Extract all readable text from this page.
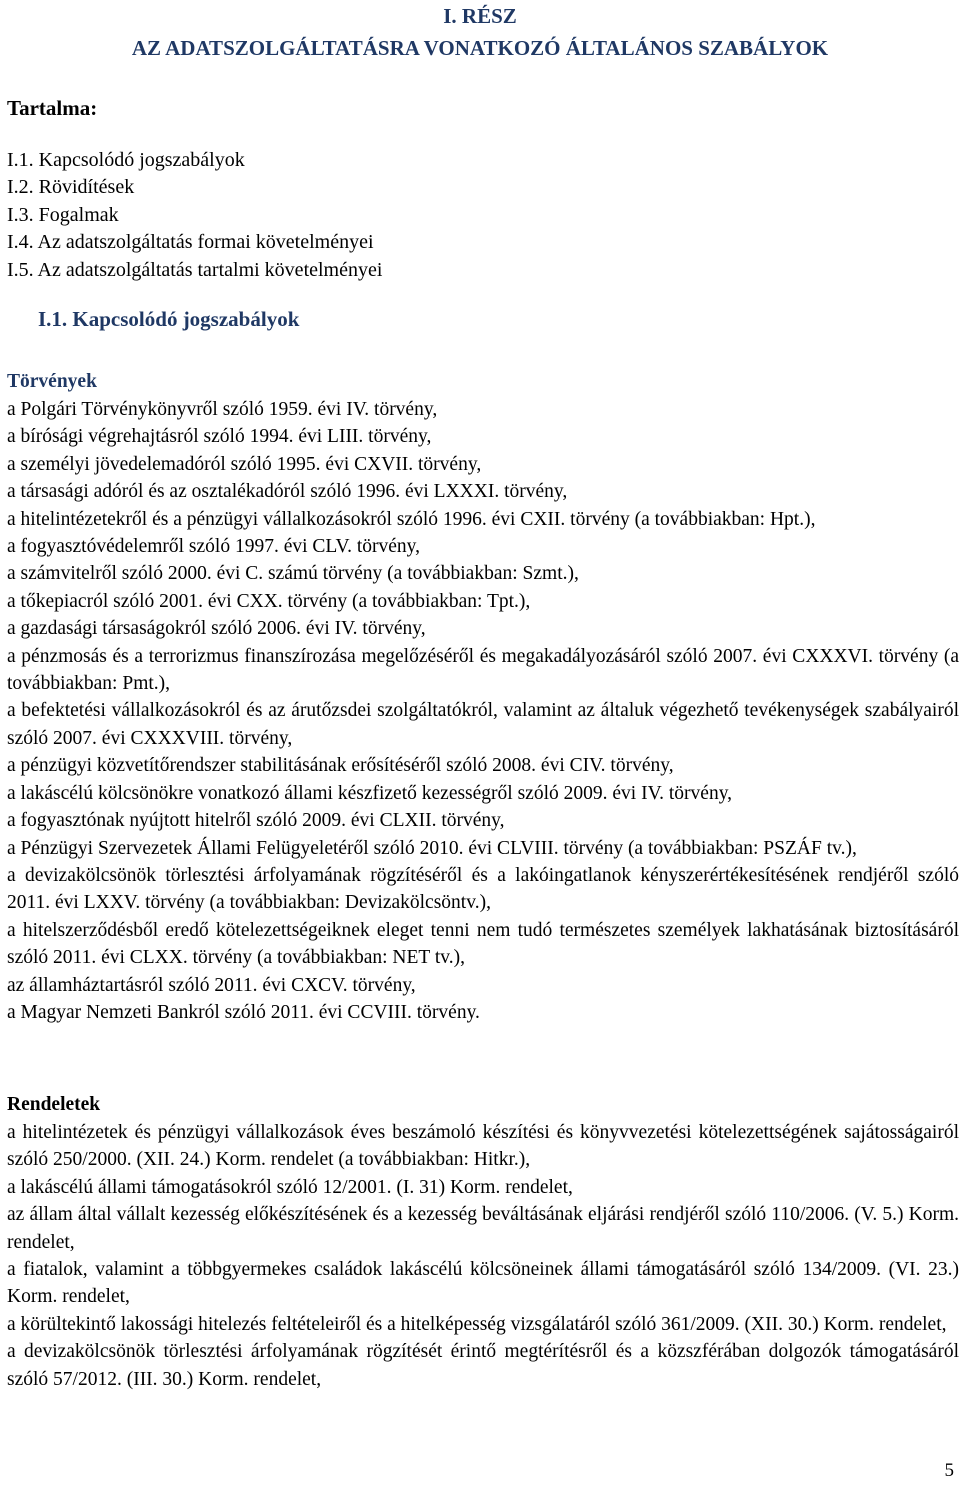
I. RÉSZ
AZ ADATSZOLGÁLTATÁSRA VONATKOZÓ ÁLTALÁNOS SZABÁLYOK
Tartalma:
I.1. Kapcsolódó jogszabályok
I.2. Rövidítések
I.3. Fogalmak
I.4. Az adatszolgáltatás formai követelményei
I.5. Az adatszolgáltatás tartalmi követelményei
I.1. Kapcsolódó jogszabályok
Törvények
a Polgári Törvénykönyvről szóló 1959. évi IV. törvény,
a bírósági végrehajtásról szóló 1994. évi LIII. törvény,
a személyi jövedelemadóról szóló 1995. évi CXVII. törvény,
a társasági adóról és az osztalékadóról szóló 1996. évi LXXXI. törvény,
a hitelintézetekről és a pénzügyi vállalkozásokról szóló 1996. évi CXII. törvény (a továbbiakban: Hpt.),
a fogyasztóvédelemről szóló 1997. évi CLV. törvény,
a számvitelről szóló 2000. évi C. számú törvény (a továbbiakban: Szmt.),
a tőkepiacról szóló 2001. évi CXX. törvény (a továbbiakban: Tpt.),
a gazdasági társaságokról szóló 2006. évi IV. törvény,
a pénzmosás és a terrorizmus finanszírozása megelőzéséről és megakadályozásáról szóló 2007. évi CXXXVI. törvény (a továbbiakban: Pmt.),
a befektetési vállalkozásokról és az árutőzsdei szolgáltatókról, valamint az általuk végezhető tevékenységek szabályairól szóló 2007. évi CXXXVIII. törvény,
a pénzügyi közvetítőrendszer stabilitásának erősítéséről szóló 2008. évi CIV. törvény,
a lakáscélú kölcsönökre vonatkozó állami készfizető kezességről szóló 2009. évi IV. törvény,
a fogyasztónak nyújtott hitelről szóló 2009. évi CLXII. törvény,
a Pénzügyi Szervezetek Állami Felügyeletéről szóló 2010. évi CLVIII. törvény (a továbbiakban: PSZÁF tv.),
a devizakölcsönök törlesztési árfolyamának rögzítéséről és a lakóingatlanok kényszerértékesítésének rendjéről szóló 2011. évi LXXV. törvény (a továbbiakban: Devizakölcsöntv.),
a hitelszerződésből eredő kötelezettségeiknek eleget tenni nem tudó természetes személyek lakhatásának biztosításáról szóló 2011. évi CLXX. törvény (a továbbiakban: NET tv.),
az államháztartásról szóló 2011. évi CXCV. törvény,
a Magyar Nemzeti Bankról szóló 2011. évi CCVIII. törvény.
Rendeletek
a hitelintézetek és pénzügyi vállalkozások éves beszámoló készítési és könyvvezetési kötelezettségének sajátosságairól szóló 250/2000. (XII. 24.) Korm. rendelet (a továbbiakban: Hitkr.),
a lakáscélú állami támogatásokról szóló 12/2001. (I. 31) Korm. rendelet,
az állam által vállalt kezesség előkészítésének és a kezesség beváltásának eljárási rendjéről szóló 110/2006. (V. 5.) Korm. rendelet,
a fiatalok, valamint a többgyermekes családok lakáscélú kölcsöneinek állami támogatásáról szóló 134/2009. (VI. 23.) Korm. rendelet,
a körültekintő lakossági hitelezés feltételeiről és a hitelképesség vizsgálatáról szóló 361/2009. (XII. 30.) Korm. rendelet,
a devizakölcsönök törlesztési árfolyamának rögzítését érintő megtérítésről és a közszférában dolgozók támogatásáról szóló 57/2012. (III. 30.) Korm. rendelet,
5
